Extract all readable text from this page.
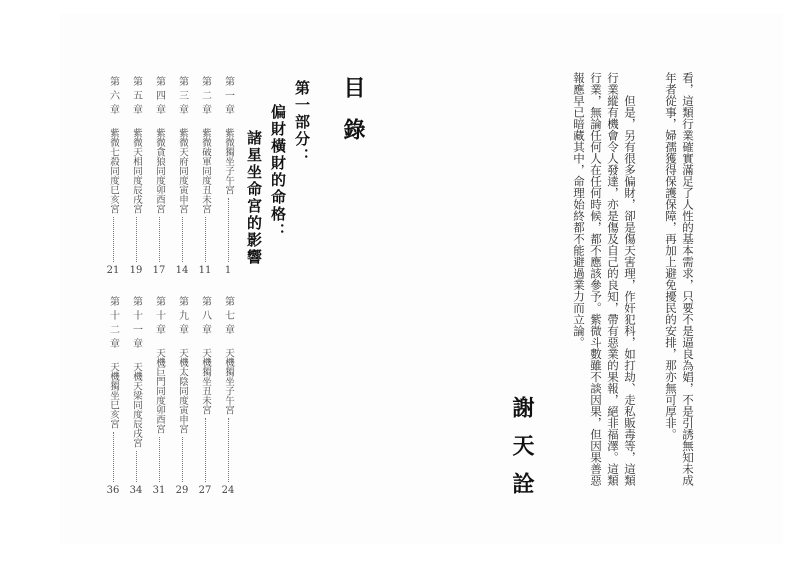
目錄
第一部分：
偏財橫財的命格：
諸星坐命宮的影響
第一章
紫微獨坐子午宮
1
第二章
紫微破軍同度丑未宮
11
第三章
紫微天府同度寅申宮
14
第四章
紫微貪狼同度卯酉宮
17
第五章
紫微天相同度辰戌宮
19
第六章
紫微七殺同度巳亥宮
21
第七章
天機獨坐子午宮
24
第八章
天機獨坐丑未宮
27
第九章
天機太陰同度寅申宮
29
第十章
天機巨門同度卯酉宮
31
第十一章
天機天梁同度辰戌宮
34
第十二章
天機獨坐巳亥宮
36
看，這類行業確實滿足了人性的基本需求，只要不是逼良為娼，不是引誘無知未成
年者從事，婦孺獲得保護保障，再加上避免擾民的安排，那亦無可厚非。
　　但是，另有很多偏財，卻是傷天害理，作奸犯科，如打劫、走私販毒等，這類
行業縱有機會令人發達，亦是傷及自己的良知，帶有惡業的果報，絕非福澤。這類
行業，無論任何人在任何時候，都不應該參予。紫微斗數雖不談因果，但因果善惡
報應早已暗藏其中，命理始終都不能避過業力而立論。
謝天詮
